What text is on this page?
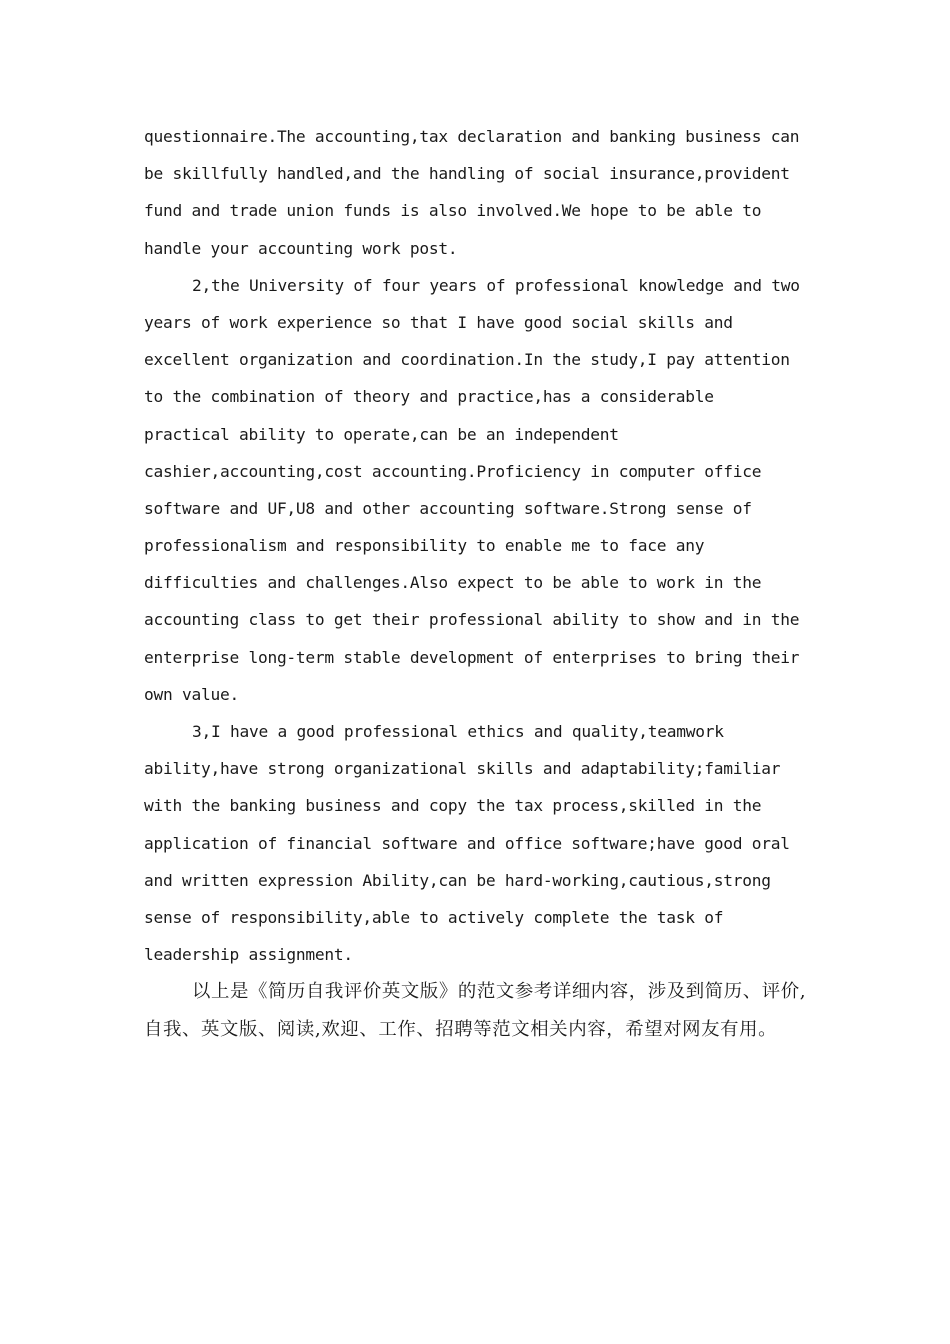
questionnaire.The accounting,tax declaration and banking business can
be skillfully handled,and the handling of social insurance,provident
fund and trade union funds is also involved.We hope to be able to
handle your accounting work post.
2,the University of four years of professional knowledge and two
years of work experience so that I have good social skills and
excellent organization and coordination.In the study,I pay attention
to the combination of theory and practice,has a considerable
practical ability to operate,can be an independent
cashier,accounting,cost accounting.Proficiency in computer office
software and UF,U8 and other accounting software.Strong sense of
professionalism and responsibility to enable me to face any
difficulties and challenges.Also expect to be able to work in the
accounting class to get their professional ability to show and in the
enterprise long-term stable development of enterprises to bring their
own value.
3,I have a good professional ethics and quality,teamwork
ability,have strong organizational skills and adaptability;familiar
with the banking business and copy the tax process,skilled in the
application of financial software and office software;have good oral
and written expression Ability,can be hard-working,cautious,strong
sense of responsibility,able to actively complete the task of
leadership assignment.
以上是《简历自我评价英文版》的范文参考详细内容，涉及到简历、评价,
自我、英文版、阅读,欢迎、工作、招聘等范文相关内容，希望对网友有用。
